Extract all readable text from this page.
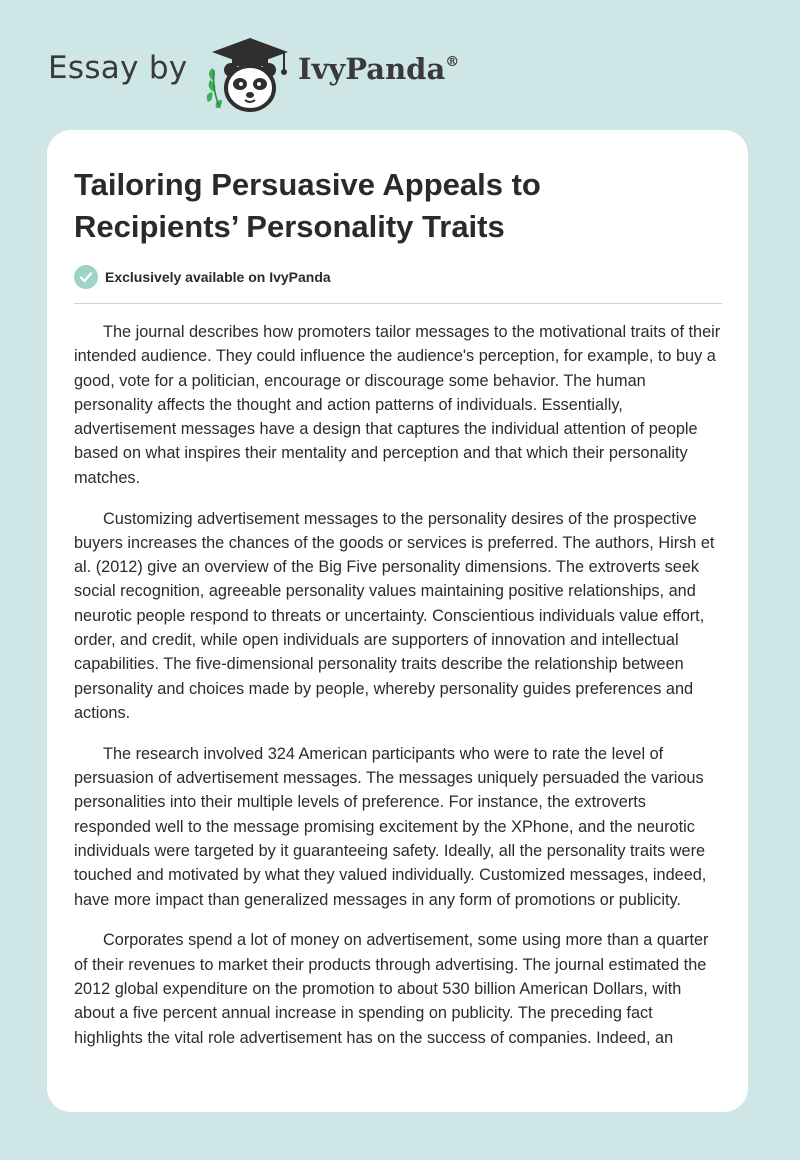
Essay by	IvyPanda®
Tailoring Persuasive Appeals to Recipients’ Personality Traits
Exclusively available on IvyPanda

The journal describes how promoters tailor messages to the motivational traits of their intended audience. They could influence the audience's perception, for example, to buy a good, vote for a politician, encourage or discourage some behavior. The human personality affects the thought and action patterns of individuals. Essentially, advertisement messages have a design that captures the individual attention of people based on what inspires their mentality and perception and that which their personality matches.

Customizing advertisement messages to the personality desires of the prospective buyers increases the chances of the goods or services is preferred. The authors, Hirsh et al. (2012) give an overview of the Big Five personality dimensions. The extroverts seek social recognition, agreeable personality values maintaining positive relationships, and neurotic people respond to threats or uncertainty. Conscientious individuals value effort, order, and credit, while open individuals are supporters of innovation and intellectual capabilities. The five-dimensional personality traits describe the relationship between personality and choices made by people, whereby personality guides preferences and actions.

The research involved 324 American participants who were to rate the level of persuasion of advertisement messages. The messages uniquely persuaded the various personalities into their multiple levels of preference. For instance, the extroverts responded well to the message promising excitement by the XPhone, and the neurotic individuals were targeted by it guaranteeing safety. Ideally, all the personality traits were touched and motivated by what they valued individually. Customized messages, indeed, have more impact than generalized messages in any form of promotions or publicity.

Corporates spend a lot of money on advertisement, some using more than a quarter of their revenues to market their products through advertising. The journal estimated the 2012 global expenditure on the promotion to about 530 billion American Dollars, with about a five percent annual increase in spending on publicity. The preceding fact highlights the vital role advertisement has on the success of companies. Indeed, an
